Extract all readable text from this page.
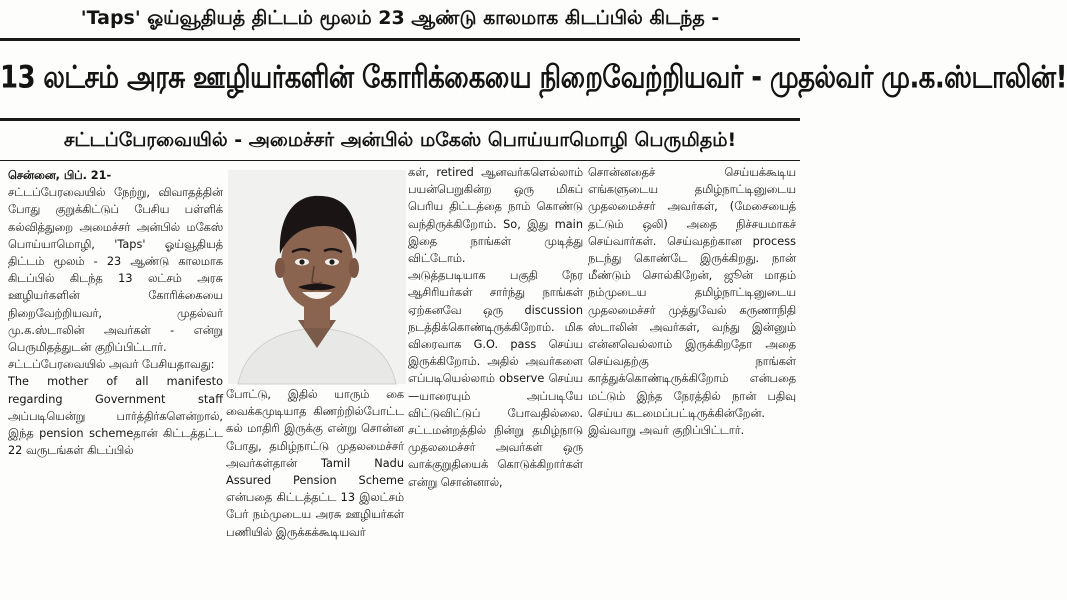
'Taps' ஓய்வூதியத் திட்டம் மூலம் 23 ஆண்டு காலமாக கிடப்பில் கிடந்த -
13 லட்சம் அரசு ஊழியர்களின் கோரிக்கையை நிறைவேற்றியவர் - முதல்வர் மு.க.ஸ்டாலின்!
சட்டப்பேரவையில் - அமைச்சர் அன்பில் மகேஸ் பொய்யாமொழி பெருமிதம்!

சென்னை, பிப். 21-

சட்டப்பேரவையில் நேற்று, விவாதத்தின் போது குறுக்கிட்டுப் பேசிய பள்ளிக் கல்வித்துறை அமைச்சர் அன்பில் மகேஸ் பொய்யாமொழி, 'Taps' ஓய்வூதியத் திட்டம் மூலம் - 23 ஆண்டு காலமாக கிடப்பில் கிடந்த 13 லட்சம் அரசு ஊழியர்களின் கோரிக்கையை நிறைவேற்றியவர், முதல்வர் மு.க.ஸ்டாலின் அவர்கள் - என்று பெருமிதத்துடன் குறிப்பிட்டார்.

சட்டப்பேரவையில் அவர் பேசியதாவது:

The mother of all manifesto regarding Government staff அப்படியென்று பார்த்திர்களென்றால், இந்த pension schemeதான் கிட்டத்தட்ட 22 வருடங்கள் கிடப்பில்

போட்டு, இதில் யாரும் கை வைக்கமுடியாத கிணற்றில்போட்ட கல் மாதிரி இருக்கு என்று சொன்ன போது, தமிழ்நாட்டு முதலமைச்சர் அவர்கள்தான் Tamil Nadu Assured Pension Scheme என்பதை கிட்டத்தட்ட 13 இலட்சம் பேர் நம்முடைய அரசு ஊழியர்கள் பணியில் இருக்கக்கூடியவர்

கள், retired ஆனவர்களெல்லாம் பயன்பெறுகின்ற ஒரு மிகப் பெரிய திட்டத்தை நாம் கொண்டு வந்திருக்கிறோம். So, இது main இதை நாங்கள் முடித்து விட்டோம்.

அடுத்தபடியாக பகுதி நேர ஆசிரியர்கள் சார்ந்து நாங்கள் ஏற்கனவே ஒரு discussion நடத்திக்கொண்டிருக்கிறோம். மிக விரைவாக G.O. pass செய்ய இருக்கிறோம். அதில் அவர்களை எப்படியெல்லாம் observe செய்ய—யாரையும் அப்படியே விட்டுவிட்டுப் போவதில்லை. சட்டமன்றத்தில் நின்று தமிழ்நாடு முதலமைச்சர் அவர்கள் ஒரு வாக்குறுதியைக் கொடுக்கிறார்கள் என்று சொன்னால்,

சொன்னதைச் செய்யக்கூடிய எங்களுடைய தமிழ்நாட்டினுடைய முதலமைச்சர் அவர்கள், (மேசையைத் தட்டும் ஒலி) அதை நிச்சயமாகச் செய்வார்கள். செய்வதற்கான process நடந்து கொண்டே இருக்கிறது. நான் மீண்டும் சொல்கிறேன், ஜூன் மாதம் நம்முடைய தமிழ்நாட்டினுடைய முதலமைச்சர் முத்துவேல் கருணாநிதி ஸ்டாலின் அவர்கள், வந்து இன்னும் என்னவெல்லாம் இருக்கிறதோ அதை செய்வதற்கு நாங்கள் காத்துக்கொண்டிருக்கிறோம் என்பதை மட்டும் இந்த நேரத்தில் நான் பதிவு செய்ய கடமைப்பட்டிருக்கின்றேன்.

இவ்வாறு அவர் குறிப்பிட்டார்.
